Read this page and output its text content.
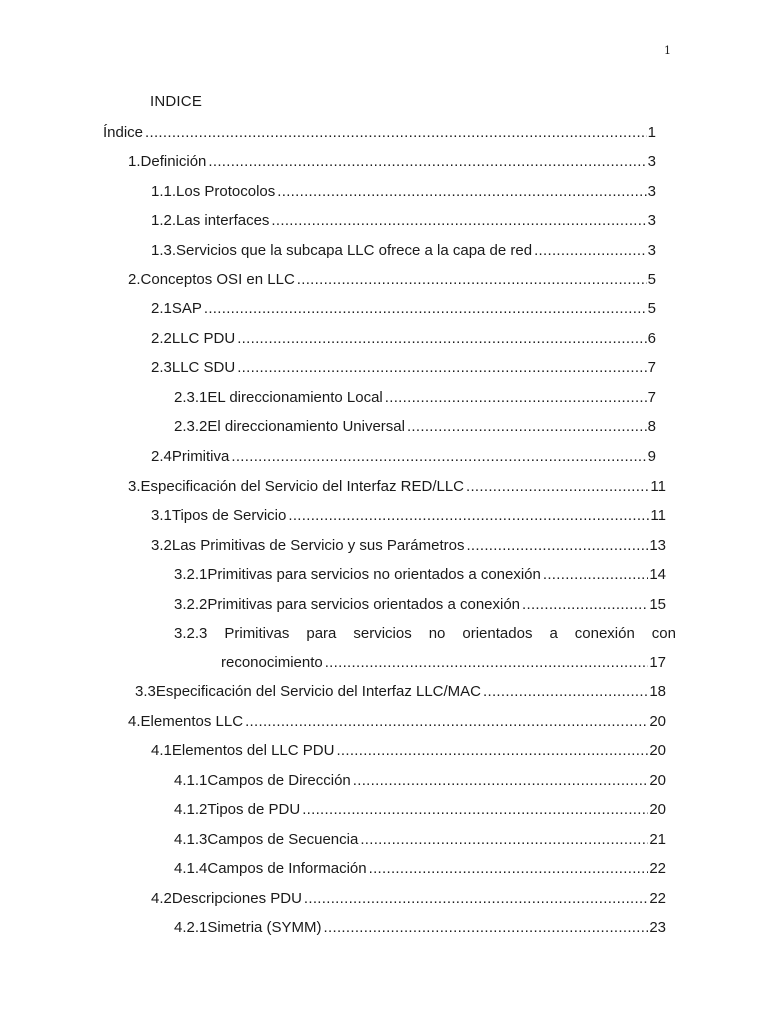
1
INDICE
Índice .....	1
1. Definición .....	3
1.1. Los Protocolos .....	3
1.2. Las interfaces .....	3
1.3. Servicios que la subcapa LLC ofrece a la capa de red .....	3
2. Conceptos OSI en LLC .....	5
2.1 SAP .....	5
2.2 LLC PDU .....	6
2.3 LLC SDU .....	7
2.3.1 EL direccionamiento Local .....	7
2.3.2 El direccionamiento Universal .....	8
2.4 Primitiva .....	9
3. Especificación del Servicio del Interfaz RED/LLC .....	11
3.1 Tipos de Servicio .....	11
3.2 Las Primitivas de Servicio y sus Parámetros .....	13
3.2.1 Primitivas para servicios no orientados a conexión .....	14
3.2.2 Primitivas para servicios orientados a conexión .....	15
3.2.3 Primitivas para servicios no orientados a conexión con
reconocimiento .....	17
3.3 Especificación del Servicio del Interfaz LLC/MAC .....	18
4. Elementos LLC .....	20
4.1 Elementos del LLC PDU .....	20
4.1.1 Campos de Dirección .....	20
4.1.2 Tipos de PDU .....	20
4.1.3 Campos de Secuencia .....	21
4.1.4 Campos de Información .....	22
4.2 Descripciones PDU .....	22
4.2.1 Simetria (SYMM) .....	23
